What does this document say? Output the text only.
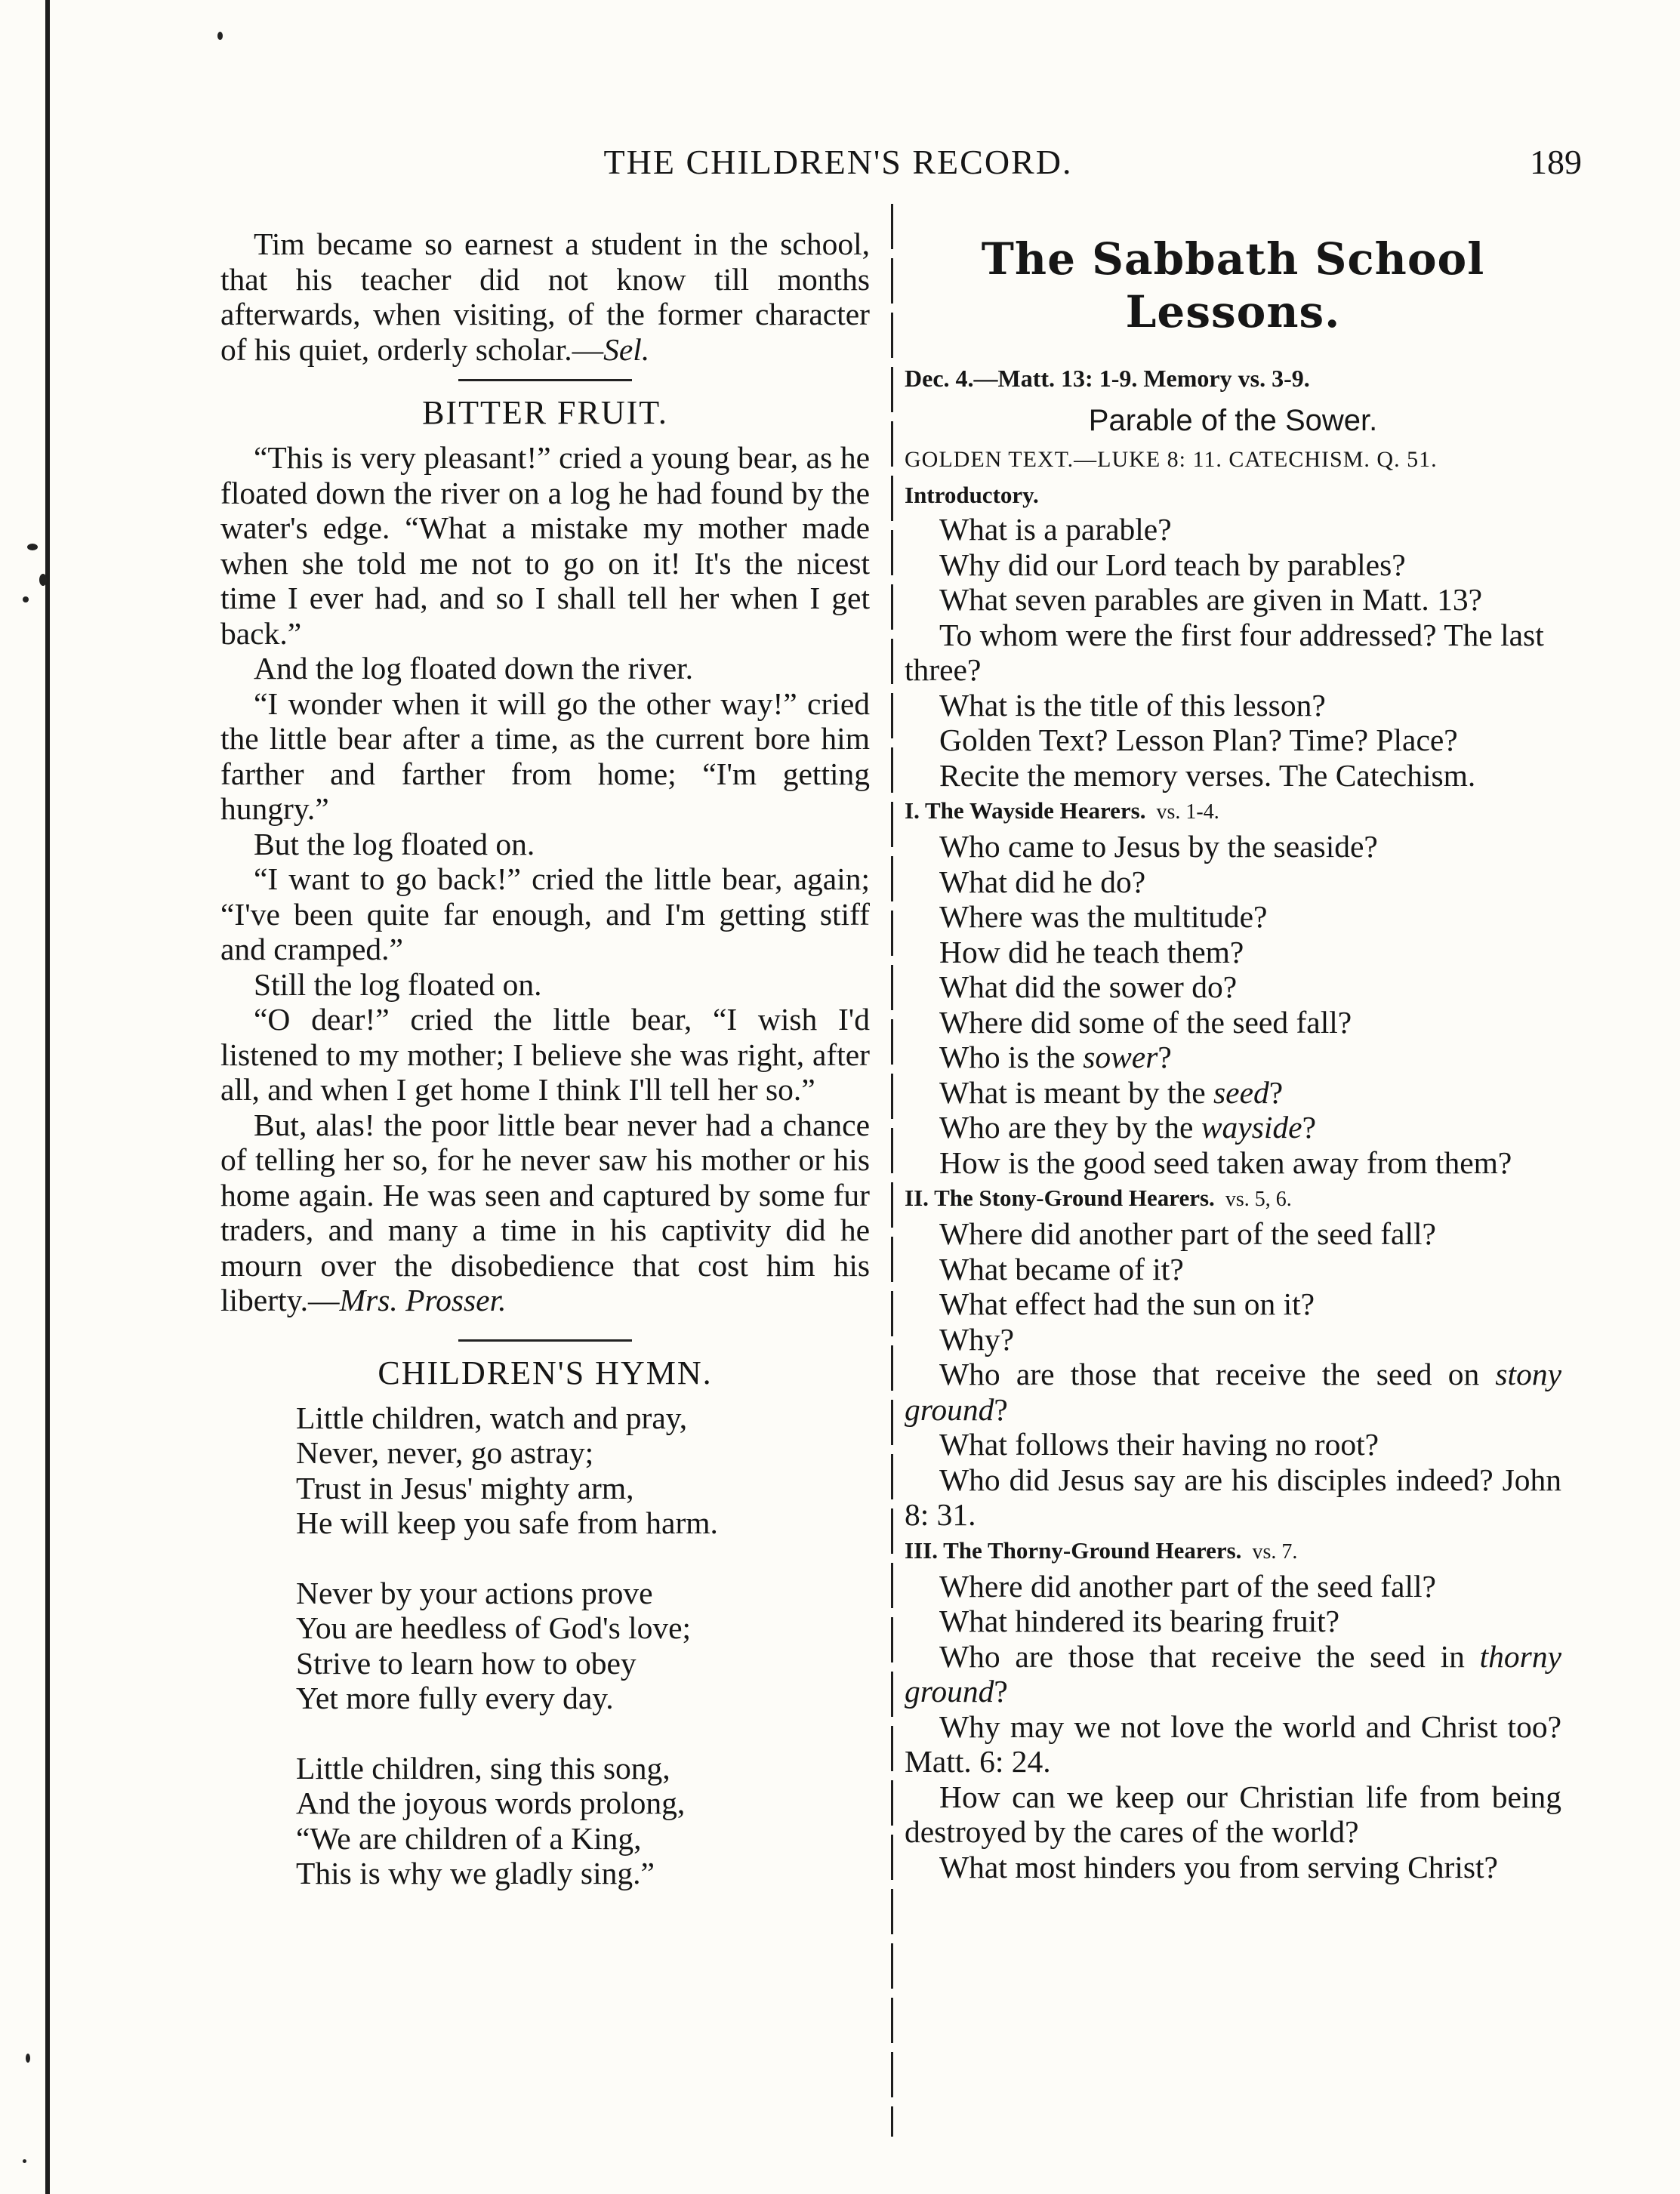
THE CHILDREN'S RECORD.	189

Tim became so earnest a student in the school, that his teacher did not know till months afterwards, when visiting, of the former character of his quiet, orderly scholar.—Sel.

BITTER FRUIT.

“This is very pleasant!” cried a young bear, as he floated down the river on a log he had found by the water's edge. “What a mistake my mother made when she told me not to go on it! It's the nicest time I ever had, and so I shall tell her when I get back.”

And the log floated down the river.

“I wonder when it will go the other way!” cried the little bear after a time, as the current bore him farther and farther from home; “I'm getting hungry.”

But the log floated on.

“I want to go back!” cried the little bear, again; “I've been quite far enough, and I'm getting stiff and cramped.”

Still the log floated on.

“O dear!” cried the little bear, “I wish I'd listened to my mother; I believe she was right, after all, and when I get home I think I'll tell her so.”

But, alas! the poor little bear never had a chance of telling her so, for he never saw his mother or his home again. He was seen and captured by some fur traders, and many a time in his captivity did he mourn over the disobedience that cost him his liberty.—Mrs. Prosser.

CHILDREN'S HYMN.

Little children, watch and pray,

Never, never, go astray;

Trust in Jesus' mighty arm,

He will keep you safe from harm.

Never by your actions prove

You are heedless of God's love;

Strive to learn how to obey

Yet more fully every day.

Little children, sing this song,

And the joyous words prolong,

“We are children of a King,

This is why we gladly sing.”

The Sabbath School Lessons.

Dec. 4.—Matt. 13: 1-9. Memory vs. 3-9.

Parable of the Sower.

GOLDEN TEXT.—LUKE 8: 11. CATECHISM. Q. 51.

Introductory.

What is a parable?

Why did our Lord teach by parables?

What seven parables are given in Matt. 13?

To whom were the first four addressed? The last three?

What is the title of this lesson?

Golden Text? Lesson Plan? Time? Place?

Recite the memory verses. The Catechism.

I. The Wayside Hearers. vs. 1-4.

Who came to Jesus by the seaside?

What did he do?

Where was the multitude?

How did he teach them?

What did the sower do?

Where did some of the seed fall?

Who is the sower?

What is meant by the seed?

Who are they by the wayside?

How is the good seed taken away from them?

II. The Stony-Ground Hearers. vs. 5, 6.

Where did another part of the seed fall?

What became of it?

What effect had the sun on it?

Why?

Who are those that receive the seed on stony ground?

What follows their having no root?

Who did Jesus say are his disciples indeed? John 8: 31.

III. The Thorny-Ground Hearers. vs. 7.

Where did another part of the seed fall?

What hindered its bearing fruit?

Who are those that receive the seed in thorny ground?

Why may we not love the world and Christ too? Matt. 6: 24.

How can we keep our Christian life from being destroyed by the cares of the world?

What most hinders you from serving Christ?
